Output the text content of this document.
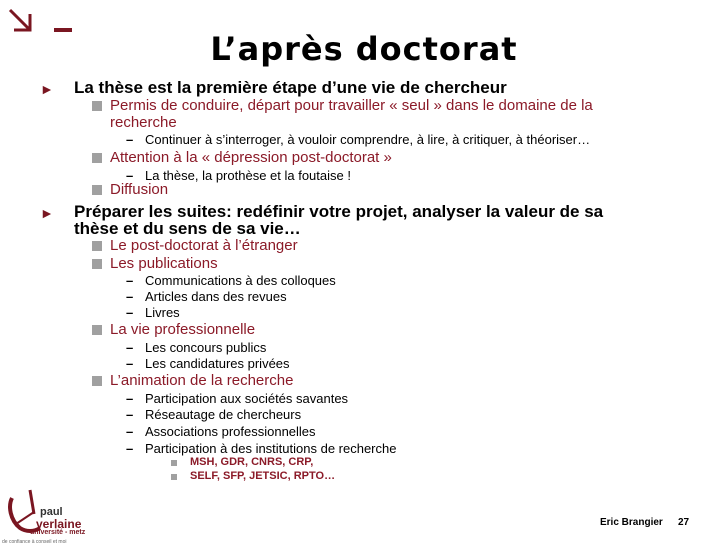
L’après doctorat
► La thèse est la première étape d’une vie de chercheur
Permis de conduire, départ pour travailler « seul » dans le domaine de la
recherche
– Continuer à s’interroger, à vouloir comprendre, à lire, à critiquer, à théoriser…
Attention à la « dépression post-doctorat »
– La thèse, la prothèse et la foutaise !
Diffusion
► Préparer les suites: redéfinir votre projet, analyser la valeur de sa
thèse et du sens de sa vie…
Le post-doctorat à l’étranger
Les publications
– Communications à des colloques
– Articles dans des revues
– Livres
La vie professionnelle
– Les concours publics
– Les candidatures privées
L’animation de la recherche
– Participation aux sociétés savantes
– Réseautage de chercheurs
– Associations professionnelles
– Participation à des institutions de recherche
MSH, GDR, CNRS, CRP,
SELF, SFP, JETSIC, RPTO…
paul
verlaine
université - metz
de confiance à conseil et moi
Eric Brangier 27
